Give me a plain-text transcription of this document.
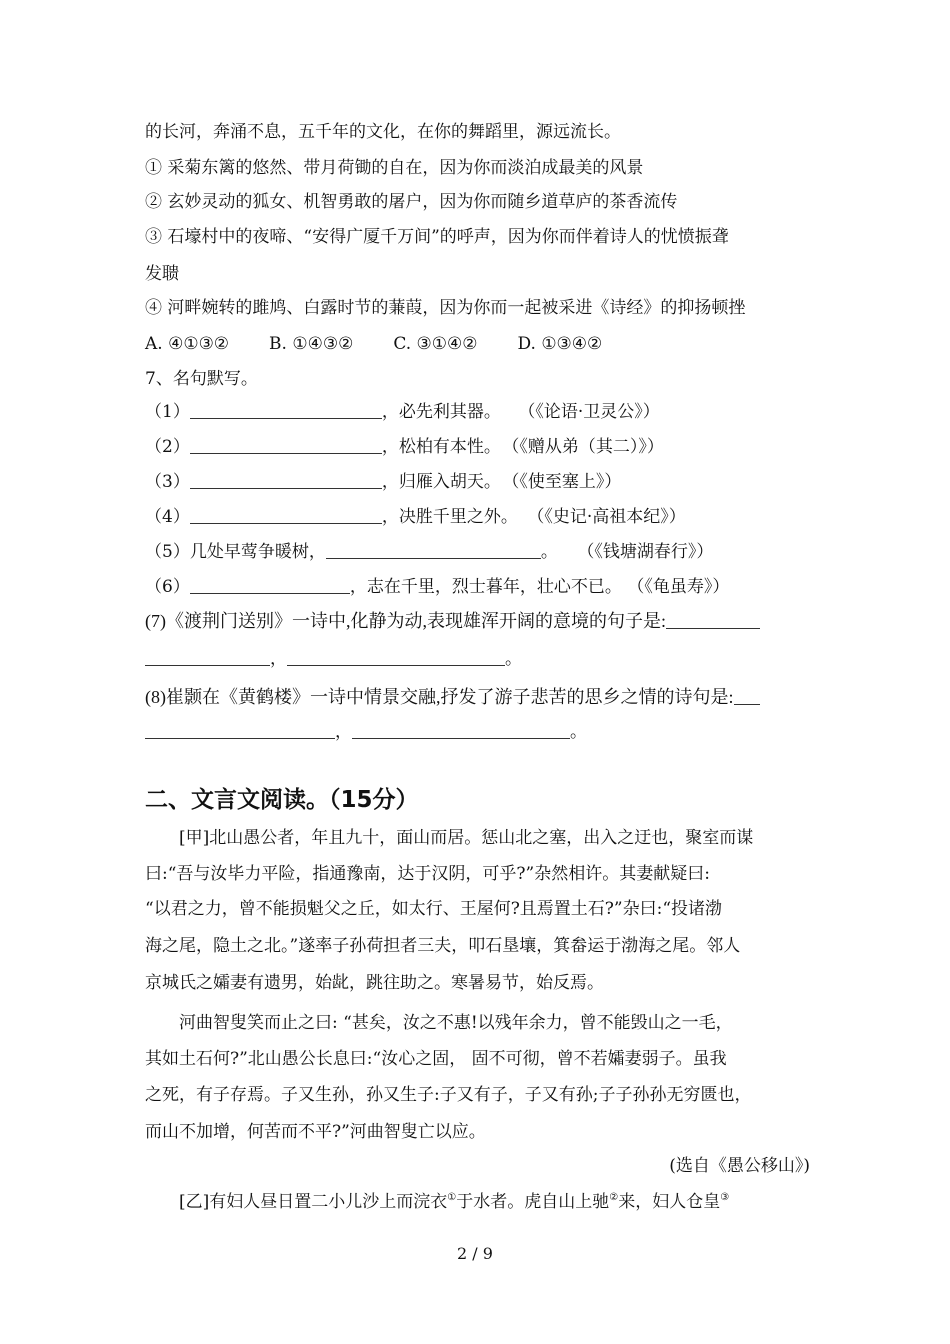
的长河，奔涌不息，五千年的文化，在你的舞蹈里，源远流长。
① 采菊东篱的悠然、带月荷锄的自在，因为你而淡泊成最美的风景
② 玄妙灵动的狐女、机智勇敢的屠户，因为你而随乡道草庐的茶香流传
③ 石壕村中的夜啼、“安得广厦千万间”的呼声，因为你而伴着诗人的忧愤振聋
发聩
④ 河畔婉转的雎鸠、白露时节的蒹葭，因为你而一起被采进《诗经》的抑扬顿挫
A. ④①③② B. ①④③② C. ③①④② D. ①③④②
7、名句默写。
（1）	，必先利其器。 （《论语·卫灵公》）
（2）	，松柏有本性。 （《赠从弟（其二）》）
（3）	，归雁入胡天。 （《使至塞上》）
（4）	，决胜千里之外。 （《史记·高祖本纪》）
（5）几处早莺争暖树，	。 （《钱塘湖春行》）
（6）	，志在千里，烈士暮年，壮心不已。 （《龟虽寿》）
(7)《渡荆门送别》一诗中,化静为动,表现雄浑开阔的意境的句子是:
，	。
(8)崔颢在《黄鹤楼》一诗中情景交融,抒发了游子悲苦的思乡之情的诗句是:
，	。
二、文言文阅读。（15分）
[甲]北山愚公者，年且九十，面山而居。惩山北之塞，出入之迂也，聚室而谋
曰:“吾与汝毕力平险，指通豫南，达于汉阴，可乎?”杂然相许。其妻献疑曰:
“以君之力，曾不能损魁父之丘，如太行、王屋何?且焉置土石?”杂曰:“投诸渤
海之尾，隐土之北。”遂率子孙荷担者三夫，叩石垦壤，箕畚运于渤海之尾。邻人
京城氏之孀妻有遗男，始龀，跳往助之。寒暑易节，始反焉。
河曲智叟笑而止之曰: “甚矣，汝之不惠!以残年余力，曾不能毁山之一毛，
其如土石何?”北山愚公长息曰:“汝心之固， 固不可彻，曾不若孀妻弱子。虽我
之死，有子存焉。子又生孙，孙又生子:子又有子，子又有孙;子子孙孙无穷匮也，
而山不加增，何苦而不平?”河曲智叟亡以应。
(选自《愚公移山》)
[乙]有妇人昼日置二小儿沙上而浣衣①于水者。虎自山上驰②来，妇人仓皇③
2 / 9
